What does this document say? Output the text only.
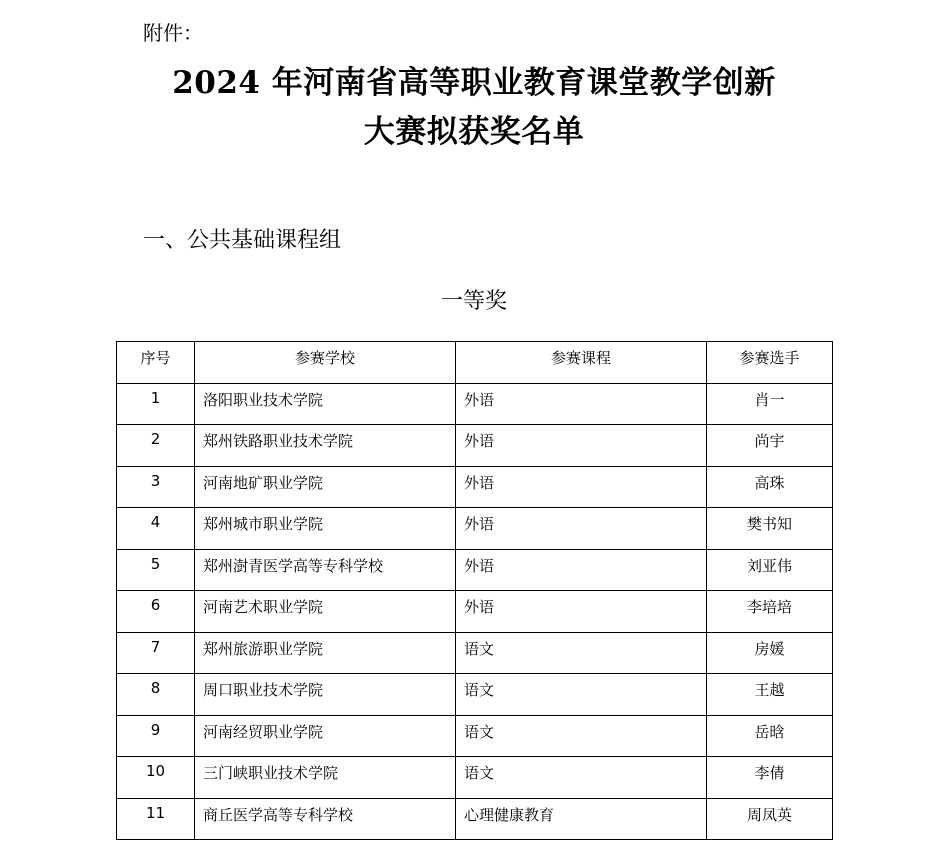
附件：
2024 年河南省高等职业教育课堂教学创新
大赛拟获奖名单
一、公共基础课程组
一等奖
序号	参赛学校	参赛课程	参赛选手
1	洛阳职业技术学院	外语	肖一
2	郑州铁路职业技术学院	外语	尚宇
3	河南地矿职业学院	外语	高珠
4	郑州城市职业学院	外语	樊书知
5	郑州澍青医学高等专科学校	外语	刘亚伟
6	河南艺术职业学院	外语	李培培
7	郑州旅游职业学院	语文	房媛
8	周口职业技术学院	语文	王越
9	河南经贸职业学院	语文	岳晗
10	三门峡职业技术学院	语文	李倩
11	商丘医学高等专科学校	心理健康教育	周凤英
